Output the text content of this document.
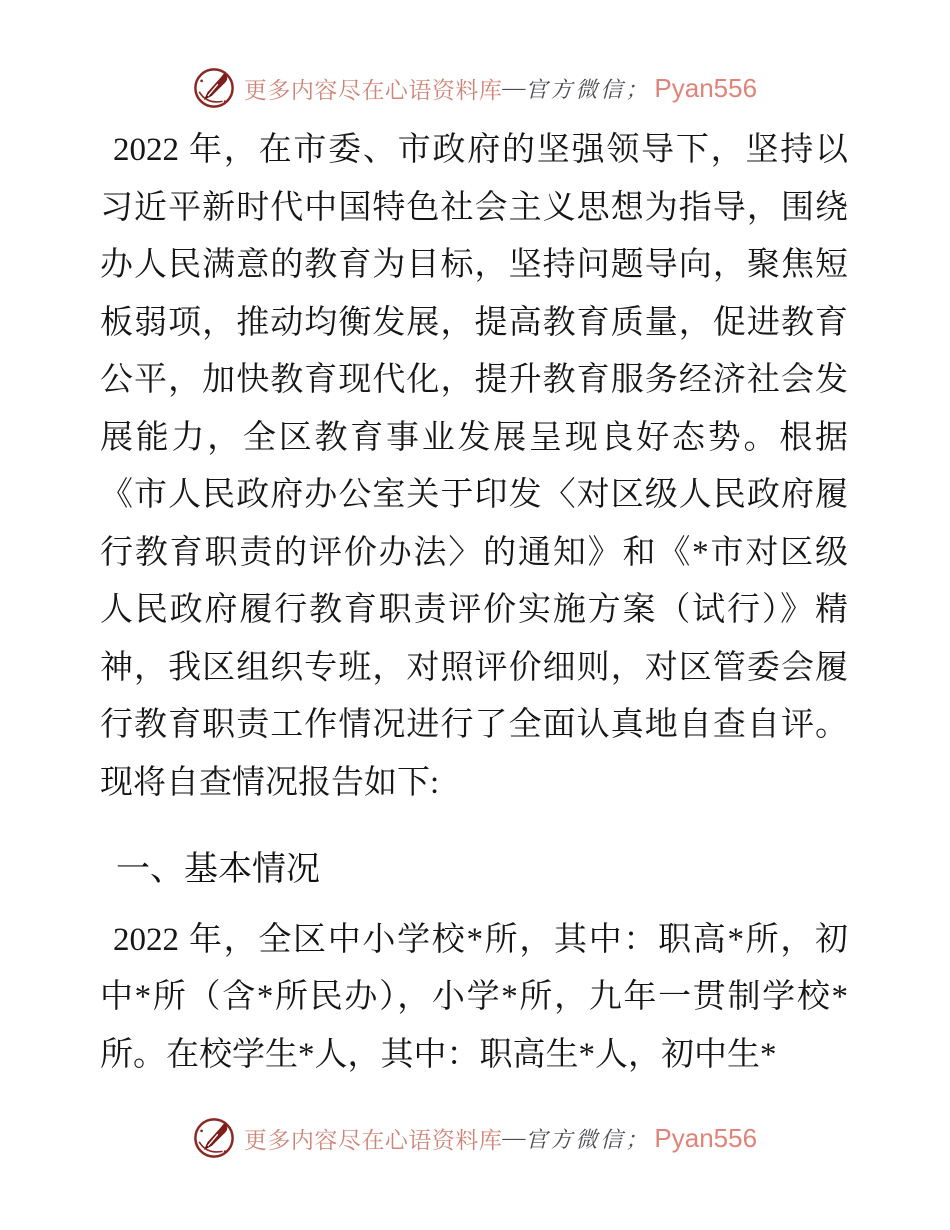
更多内容尽在心语资料库 — 官方微信； Pyan556
2022 年，在市委、市政府的坚强领导下，坚持以
习近平新时代中国特色社会主义思想为指导，围绕
办人民满意的教育为目标，坚持问题导向，聚焦短
板弱项，推动均衡发展，提高教育质量，促进教育
公平，加快教育现代化，提升教育服务经济社会发
展能力，全区教育事业发展呈现良好态势。根据
《市人民政府办公室关于印发〈对区级人民政府履
行教育职责的评价办法〉的通知》和《*市对区级
人民政府履行教育职责评价实施方案（试行）》精
神，我区组织专班，对照评价细则，对区管委会履
行教育职责工作情况进行了全面认真地自查自评。
现将自查情况报告如下:
一、基本情况
2022 年，全区中小学校*所，其中：职高*所，初
中*所（含*所民办），小学*所，九年一贯制学校*
所。在校学生*人，其中：职高生*人，初中生*
更多内容尽在心语资料库 — 官方微信； Pyan556
